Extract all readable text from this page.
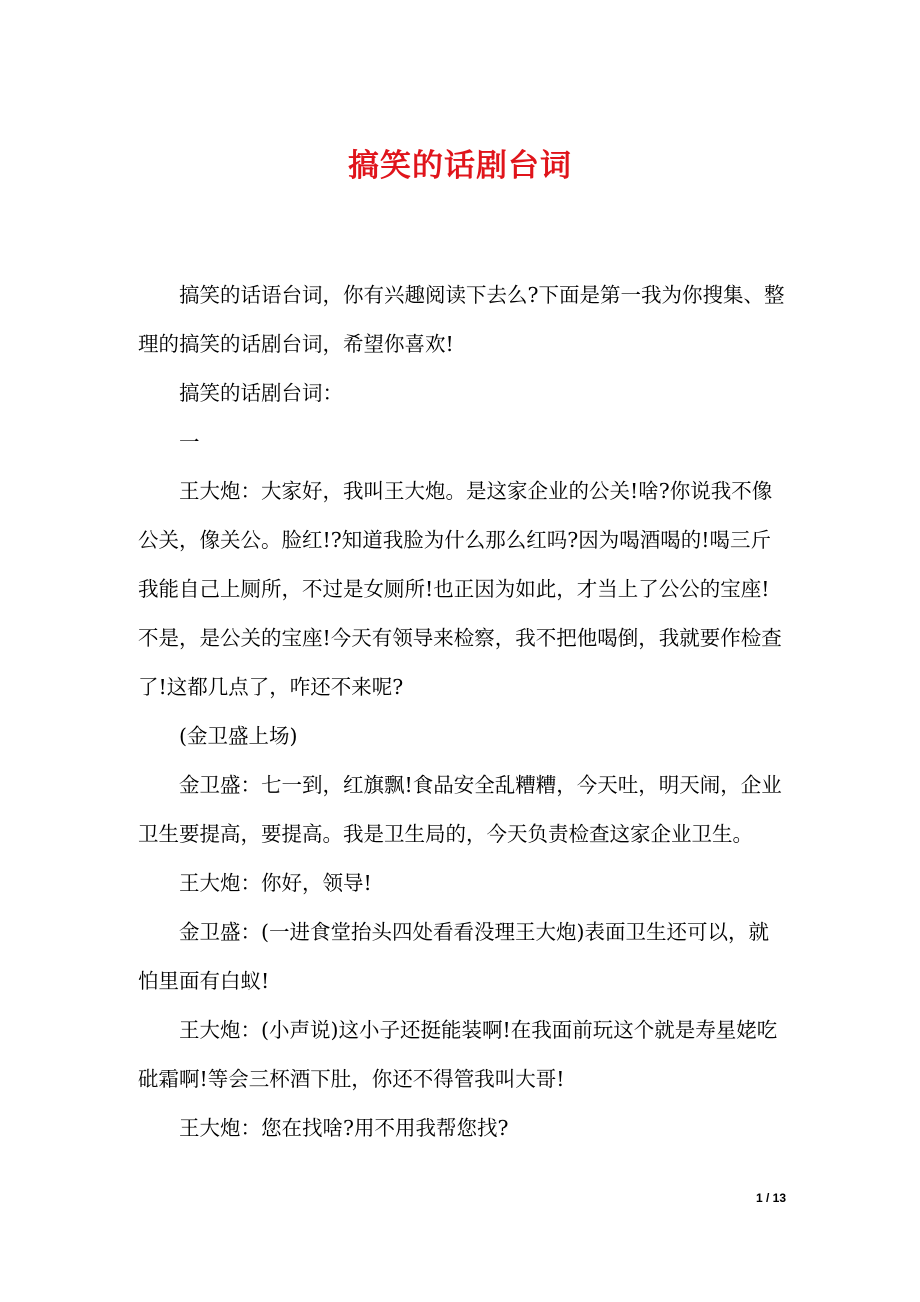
搞笑的话剧台词

搞笑的话语台词，你有兴趣阅读下去么?下面是第一我为你搜集、整理的搞笑的话剧台词，希望你喜欢!

搞笑的话剧台词：

一

王大炮：大家好，我叫王大炮。是这家企业的公关!啥?你说我不像公关，像关公。脸红!?知道我脸为什么那么红吗?因为喝酒喝的!喝三斤我能自己上厕所，不过是女厕所!也正因为如此，才当上了公公的宝座!不是，是公关的宝座!今天有领导来检察，我不把他喝倒，我就要作检查了!这都几点了，咋还不来呢?

(金卫盛上场)

金卫盛：七一到，红旗飘!食品安全乱糟糟，今天吐，明天闹，企业卫生要提高，要提高。我是卫生局的，今天负责检查这家企业卫生。

王大炮：你好，领导!

金卫盛：(一进食堂抬头四处看看没理王大炮)表面卫生还可以，就怕里面有白蚁!

王大炮：(小声说)这小子还挺能装啊!在我面前玩这个就是寿星姥吃砒霜啊!等会三杯酒下肚，你还不得管我叫大哥!

王大炮：您在找啥?用不用我帮您找?

1 / 13
